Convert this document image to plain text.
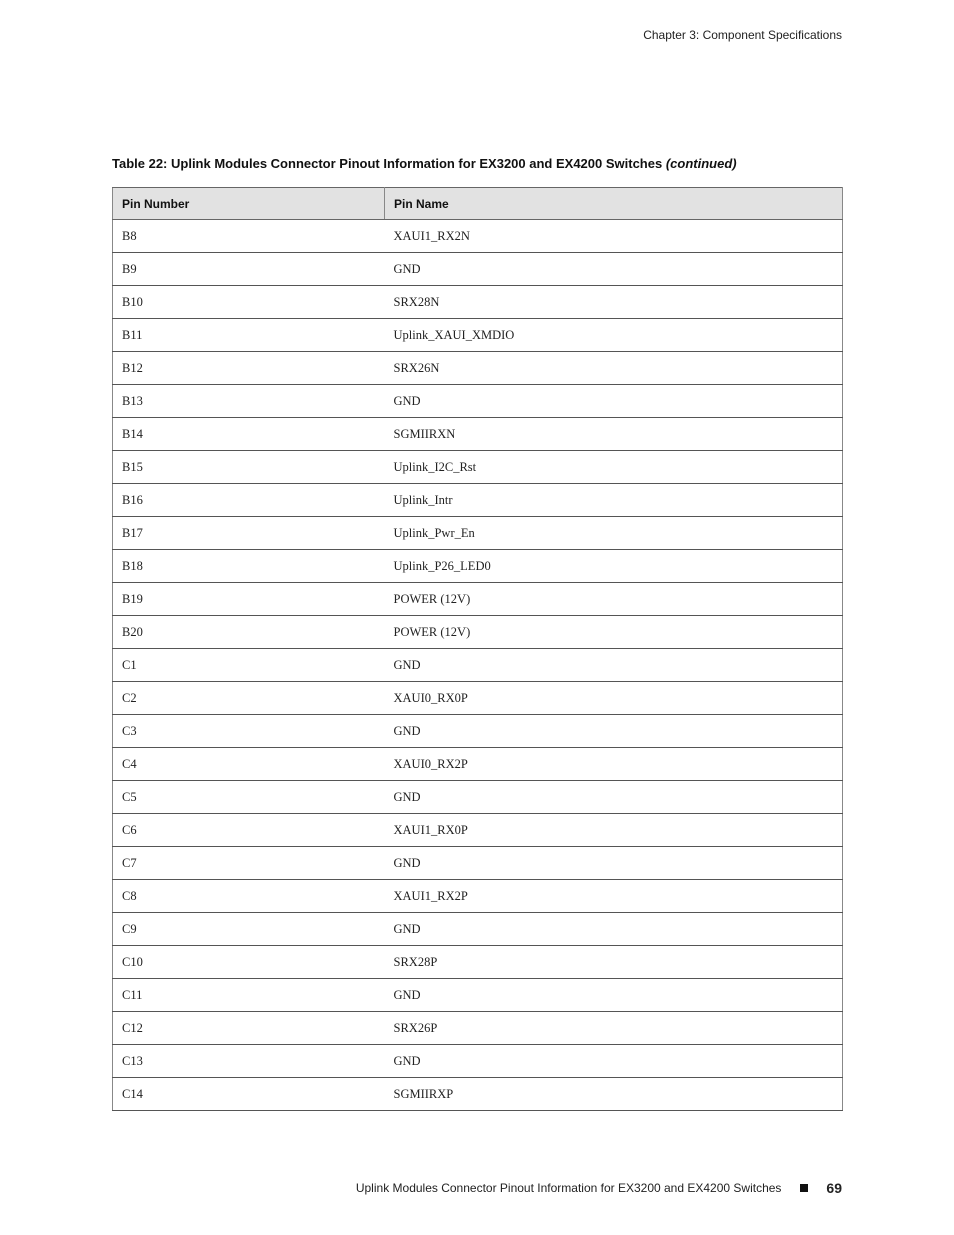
Chapter 3: Component Specifications
Table 22: Uplink Modules Connector Pinout Information for EX3200 and EX4200 Switches (continued)
Pin Number	Pin Name
B8	XAUI1_RX2N
B9	GND
B10	SRX28N
B11	Uplink_XAUI_XMDIO
B12	SRX26N
B13	GND
B14	SGMIIRXN
B15	Uplink_I2C_Rst
B16	Uplink_Intr
B17	Uplink_Pwr_En
B18	Uplink_P26_LED0
B19	POWER (12V)
B20	POWER (12V)
C1	GND
C2	XAUI0_RX0P
C3	GND
C4	XAUI0_RX2P
C5	GND
C6	XAUI1_RX0P
C7	GND
C8	XAUI1_RX2P
C9	GND
C10	SRX28P
C11	GND
C12	SRX26P
C13	GND
C14	SGMIIRXP
Uplink Modules Connector Pinout Information for EX3200 and EX4200 Switches	69
